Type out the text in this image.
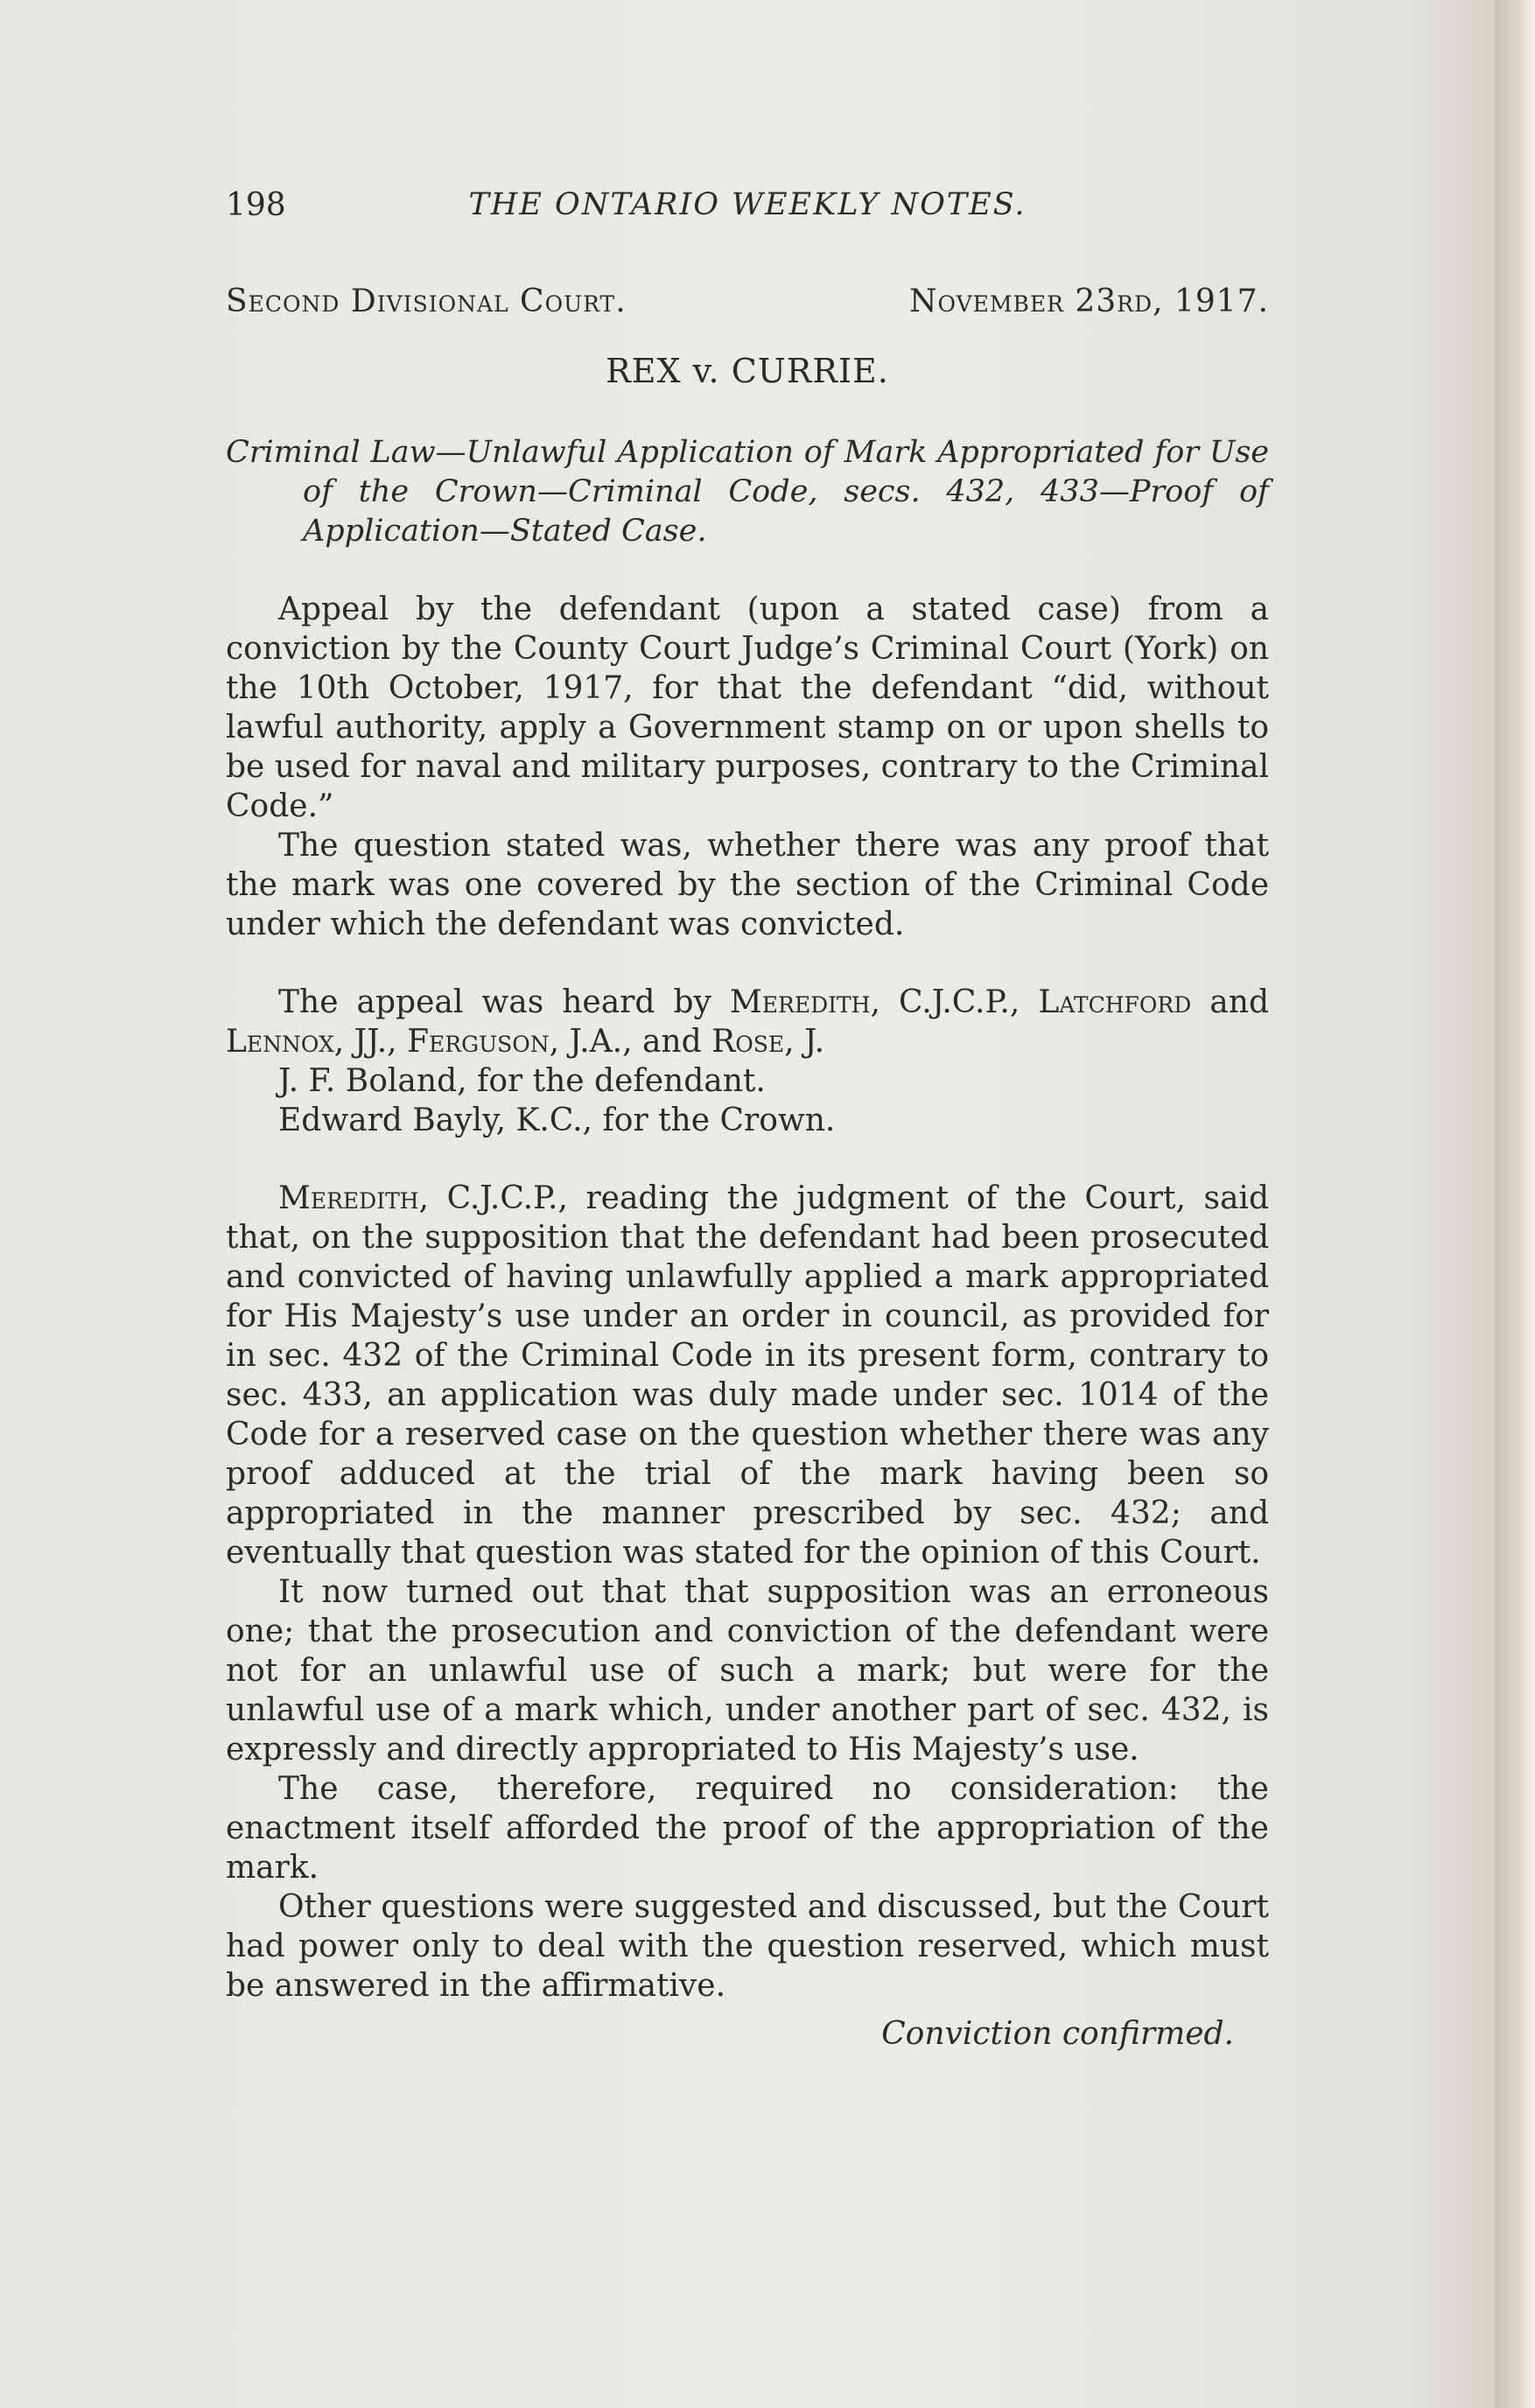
198	THE ONTARIO WEEKLY NOTES.
Second Divisional Court.	November 23rd, 1917.
REX v. CURRIE.
Criminal Law—Unlawful Application of Mark Appropriated for Use of the Crown—Criminal Code, secs. 432, 433—Proof of Application—Stated Case.

Appeal by the defendant (upon a stated case) from a conviction by the County Court Judge’s Criminal Court (York) on the 10th October, 1917, for that the defendant “did, without lawful authority, apply a Government stamp on or upon shells to be used for naval and military purposes, contrary to the Criminal Code.”

The question stated was, whether there was any proof that the mark was one covered by the section of the Criminal Code under which the defendant was convicted.

The appeal was heard by Meredith, C.J.C.P., Latchford and Lennox, JJ., Ferguson, J.A., and Rose, J.

J. F. Boland, for the defendant.

Edward Bayly, K.C., for the Crown.

Meredith, C.J.C.P., reading the judgment of the Court, said that, on the supposition that the defendant had been prosecuted and convicted of having unlawfully applied a mark appropriated for His Majesty’s use under an order in council, as provided for in sec. 432 of the Criminal Code in its present form, contrary to sec. 433, an application was duly made under sec. 1014 of the Code for a reserved case on the question whether there was any proof adduced at the trial of the mark having been so appropriated in the manner prescribed by sec. 432; and eventually that question was stated for the opinion of this Court.

It now turned out that that supposition was an erroneous one; that the prosecution and conviction of the defendant were not for an unlawful use of such a mark; but were for the unlawful use of a mark which, under another part of sec. 432, is expressly and directly appropriated to His Majesty’s use.

The case, therefore, required no consideration: the enactment itself afforded the proof of the appropriation of the mark.

Other questions were suggested and discussed, but the Court had power only to deal with the question reserved, which must be answered in the affirmative.

Conviction confirmed.
